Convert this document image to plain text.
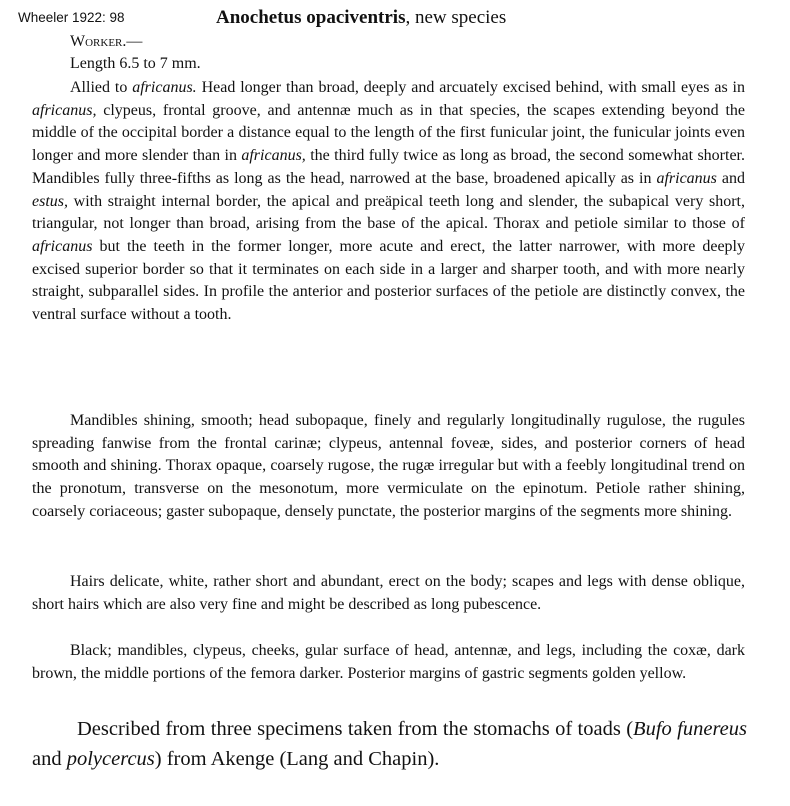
Wheeler 1922: 98	Anochetus opaciventris, new species
Worker.—
Length 6.5 to 7 mm.

Allied to africanus. Head longer than broad, deeply and arcuately excised behind, with small eyes as in africanus, clypeus, frontal groove, and antennæ much as in that species, the scapes extending beyond the middle of the occipital border a distance equal to the length of the first funicular joint, the funicular joints even longer and more slender than in africanus, the third fully twice as long as broad, the second somewhat shorter. Mandibles fully three-fifths as long as the head, narrowed at the base, broadened apically as in africanus and estus, with straight internal border, the apical and preäpical teeth long and slender, the subapical very short, triangular, not longer than broad, arising from the base of the apical. Thorax and petiole similar to those of africanus but the teeth in the former longer, more acute and erect, the latter narrower, with more deeply excised superior border so that it terminates on each side in a larger and sharper tooth, and with more nearly straight, subparallel sides. In profile the anterior and posterior surfaces of the petiole are distinctly convex, the ventral surface without a tooth.

Mandibles shining, smooth; head subopaque, finely and regularly longitudinally rugulose, the rugules spreading fanwise from the frontal carinæ; clypeus, antennal foveæ, sides, and posterior corners of head smooth and shining. Thorax opaque, coarsely rugose, the rugæ irregular but with a feebly longitudinal trend on the pronotum, transverse on the mesonotum, more vermiculate on the epinotum. Petiole rather shining, coarsely coriaceous; gaster subopaque, densely punctate, the posterior margins of the segments more shining.

Hairs delicate, white, rather short and abundant, erect on the body; scapes and legs with dense oblique, short hairs which are also very fine and might be described as long pubescence.

Black; mandibles, clypeus, cheeks, gular surface of head, antennæ, and legs, including the coxæ, dark brown, the middle portions of the femora darker. Posterior margins of gastric segments golden yellow.

Described from three specimens taken from the stomachs of toads (Bufo funereus and polycercus) from Akenge (Lang and Chapin).
